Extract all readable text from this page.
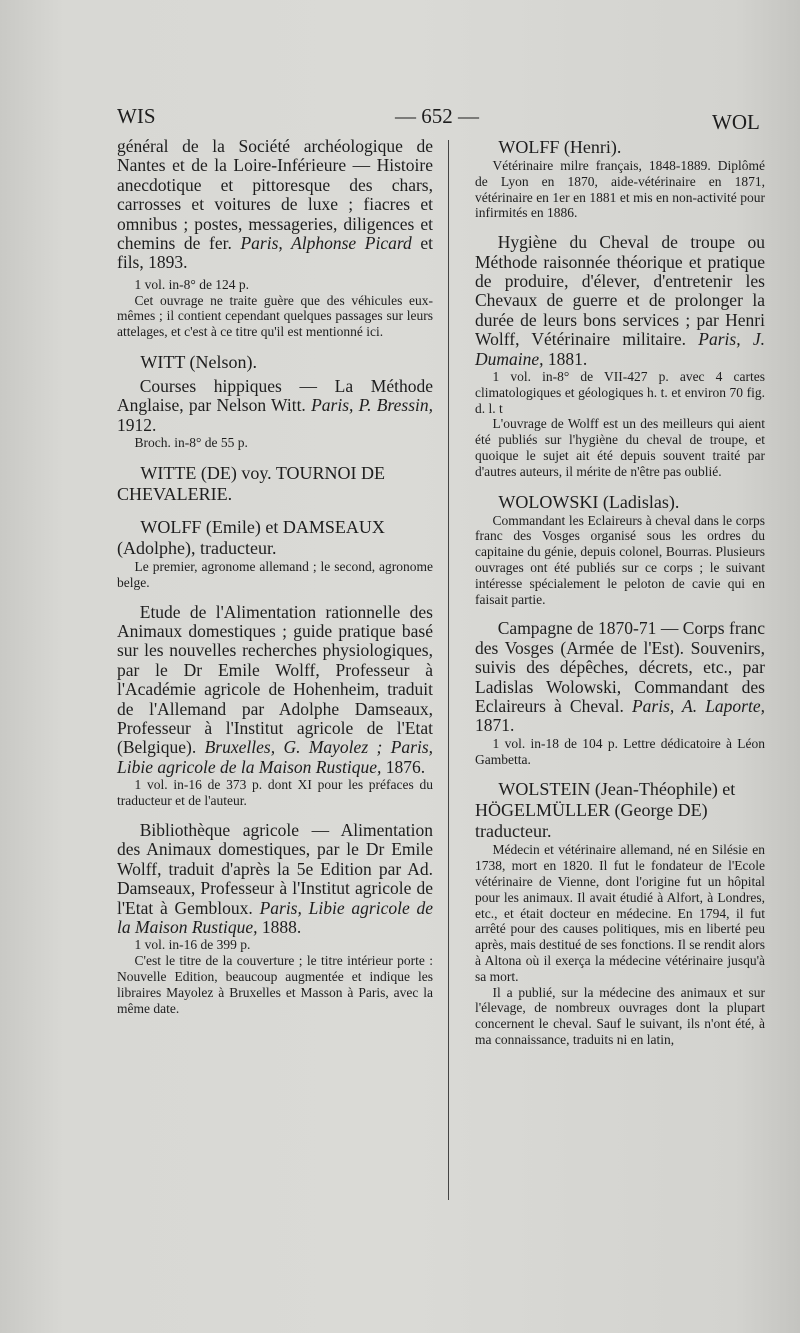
WIS	— 652 —	WOL

général de la Société archéologique de Nantes et de la Loire-Inférieure — Histoire anecdotique et pittoresque des chars, carrosses et voitures de luxe ; fiacres et omnibus ; postes, messageries, diligences et chemins de fer. Paris, Alphonse Picard et fils, 1893.

1 vol. in-8° de 124 p.

Cet ouvrage ne traite guère que des véhicules eux-mêmes ; il contient cependant quelques passages sur leurs attelages, et c'est à ce titre qu'il est mentionné ici.

WITT (Nelson).

Courses hippiques — La Méthode Anglaise, par Nelson Witt. Paris, P. Bressin, 1912.

Broch. in-8° de 55 p.

WITTE (DE) voy. TOURNOI DE CHEVALERIE.

WOLFF (Emile) et DAMSEAUX (Adolphe), traducteur.

Le premier, agronome allemand ; le second, agronome belge.

Etude de l'Alimentation rationnelle des Animaux domestiques ; guide pratique basé sur les nouvelles recherches physiologiques, par le Dr Emile Wolff, Professeur à l'Académie agricole de Hohenheim, traduit de l'Allemand par Adolphe Damseaux, Professeur à l'Institut agricole de l'Etat (Belgique). Bruxelles, G. Mayolez ; Paris, Libie agricole de la Maison Rustique, 1876.

1 vol. in-16 de 373 p. dont XI pour les préfaces du traducteur et de l'auteur.

Bibliothèque agricole — Alimentation des Animaux domestiques, par le Dr Emile Wolff, traduit d'après la 5e Edition par Ad. Damseaux, Professeur à l'Institut agricole de l'Etat à Gembloux. Paris, Libie agricole de la Maison Rustique, 1888.

1 vol. in-16 de 399 p.

C'est le titre de la couverture ; le titre intérieur porte : Nouvelle Edition, beaucoup augmentée et indique les libraires Mayolez à Bruxelles et Masson à Paris, avec la même date.

WOLFF (Henri).

Vétérinaire milre français, 1848-1889. Diplômé de Lyon en 1870, aide-vétérinaire en 1871, vétérinaire en 1er en 1881 et mis en non-activité pour infirmités en 1886.

Hygiène du Cheval de troupe ou Méthode raisonnée théorique et pratique de produire, d'élever, d'entretenir les Chevaux de guerre et de prolonger la durée de leurs bons services ; par Henri Wolff, Vétérinaire militaire. Paris, J. Dumaine, 1881.

1 vol. in-8° de VII-427 p. avec 4 cartes climatologiques et géologiques h. t. et environ 70 fig. d. l. t

L'ouvrage de Wolff est un des meilleurs qui aient été publiés sur l'hygiène du cheval de troupe, et quoique le sujet ait été depuis souvent traité par d'autres auteurs, il mérite de n'être pas oublié.

WOLOWSKI (Ladislas).

Commandant les Eclaireurs à cheval dans le corps franc des Vosges organisé sous les ordres du capitaine du génie, depuis colonel, Bourras. Plusieurs ouvrages ont été publiés sur ce corps ; le suivant intéresse spécialement le peloton de cavie qui en faisait partie.

Campagne de 1870-71 — Corps franc des Vosges (Armée de l'Est). Souvenirs, suivis des dépêches, décrets, etc., par Ladislas Wolowski, Commandant des Eclaireurs à Cheval. Paris, A. Laporte, 1871.

1 vol. in-18 de 104 p. Lettre dédicatoire à Léon Gambetta.

WOLSTEIN (Jean-Théophile) et HÖGELMÜLLER (George DE) traducteur.

Médecin et vétérinaire allemand, né en Silésie en 1738, mort en 1820. Il fut le fondateur de l'Ecole vétérinaire de Vienne, dont l'origine fut un hôpital pour les animaux. Il avait étudié à Alfort, à Londres, etc., et était docteur en médecine. En 1794, il fut arrêté pour des causes politiques, mis en liberté peu après, mais destitué de ses fonctions. Il se rendit alors à Altona où il exerça la médecine vétérinaire jusqu'à sa mort.

Il a publié, sur la médecine des animaux et sur l'élevage, de nombreux ouvrages dont la plupart concernent le cheval. Sauf le suivant, ils n'ont été, à ma connaissance, traduits ni en latin,
